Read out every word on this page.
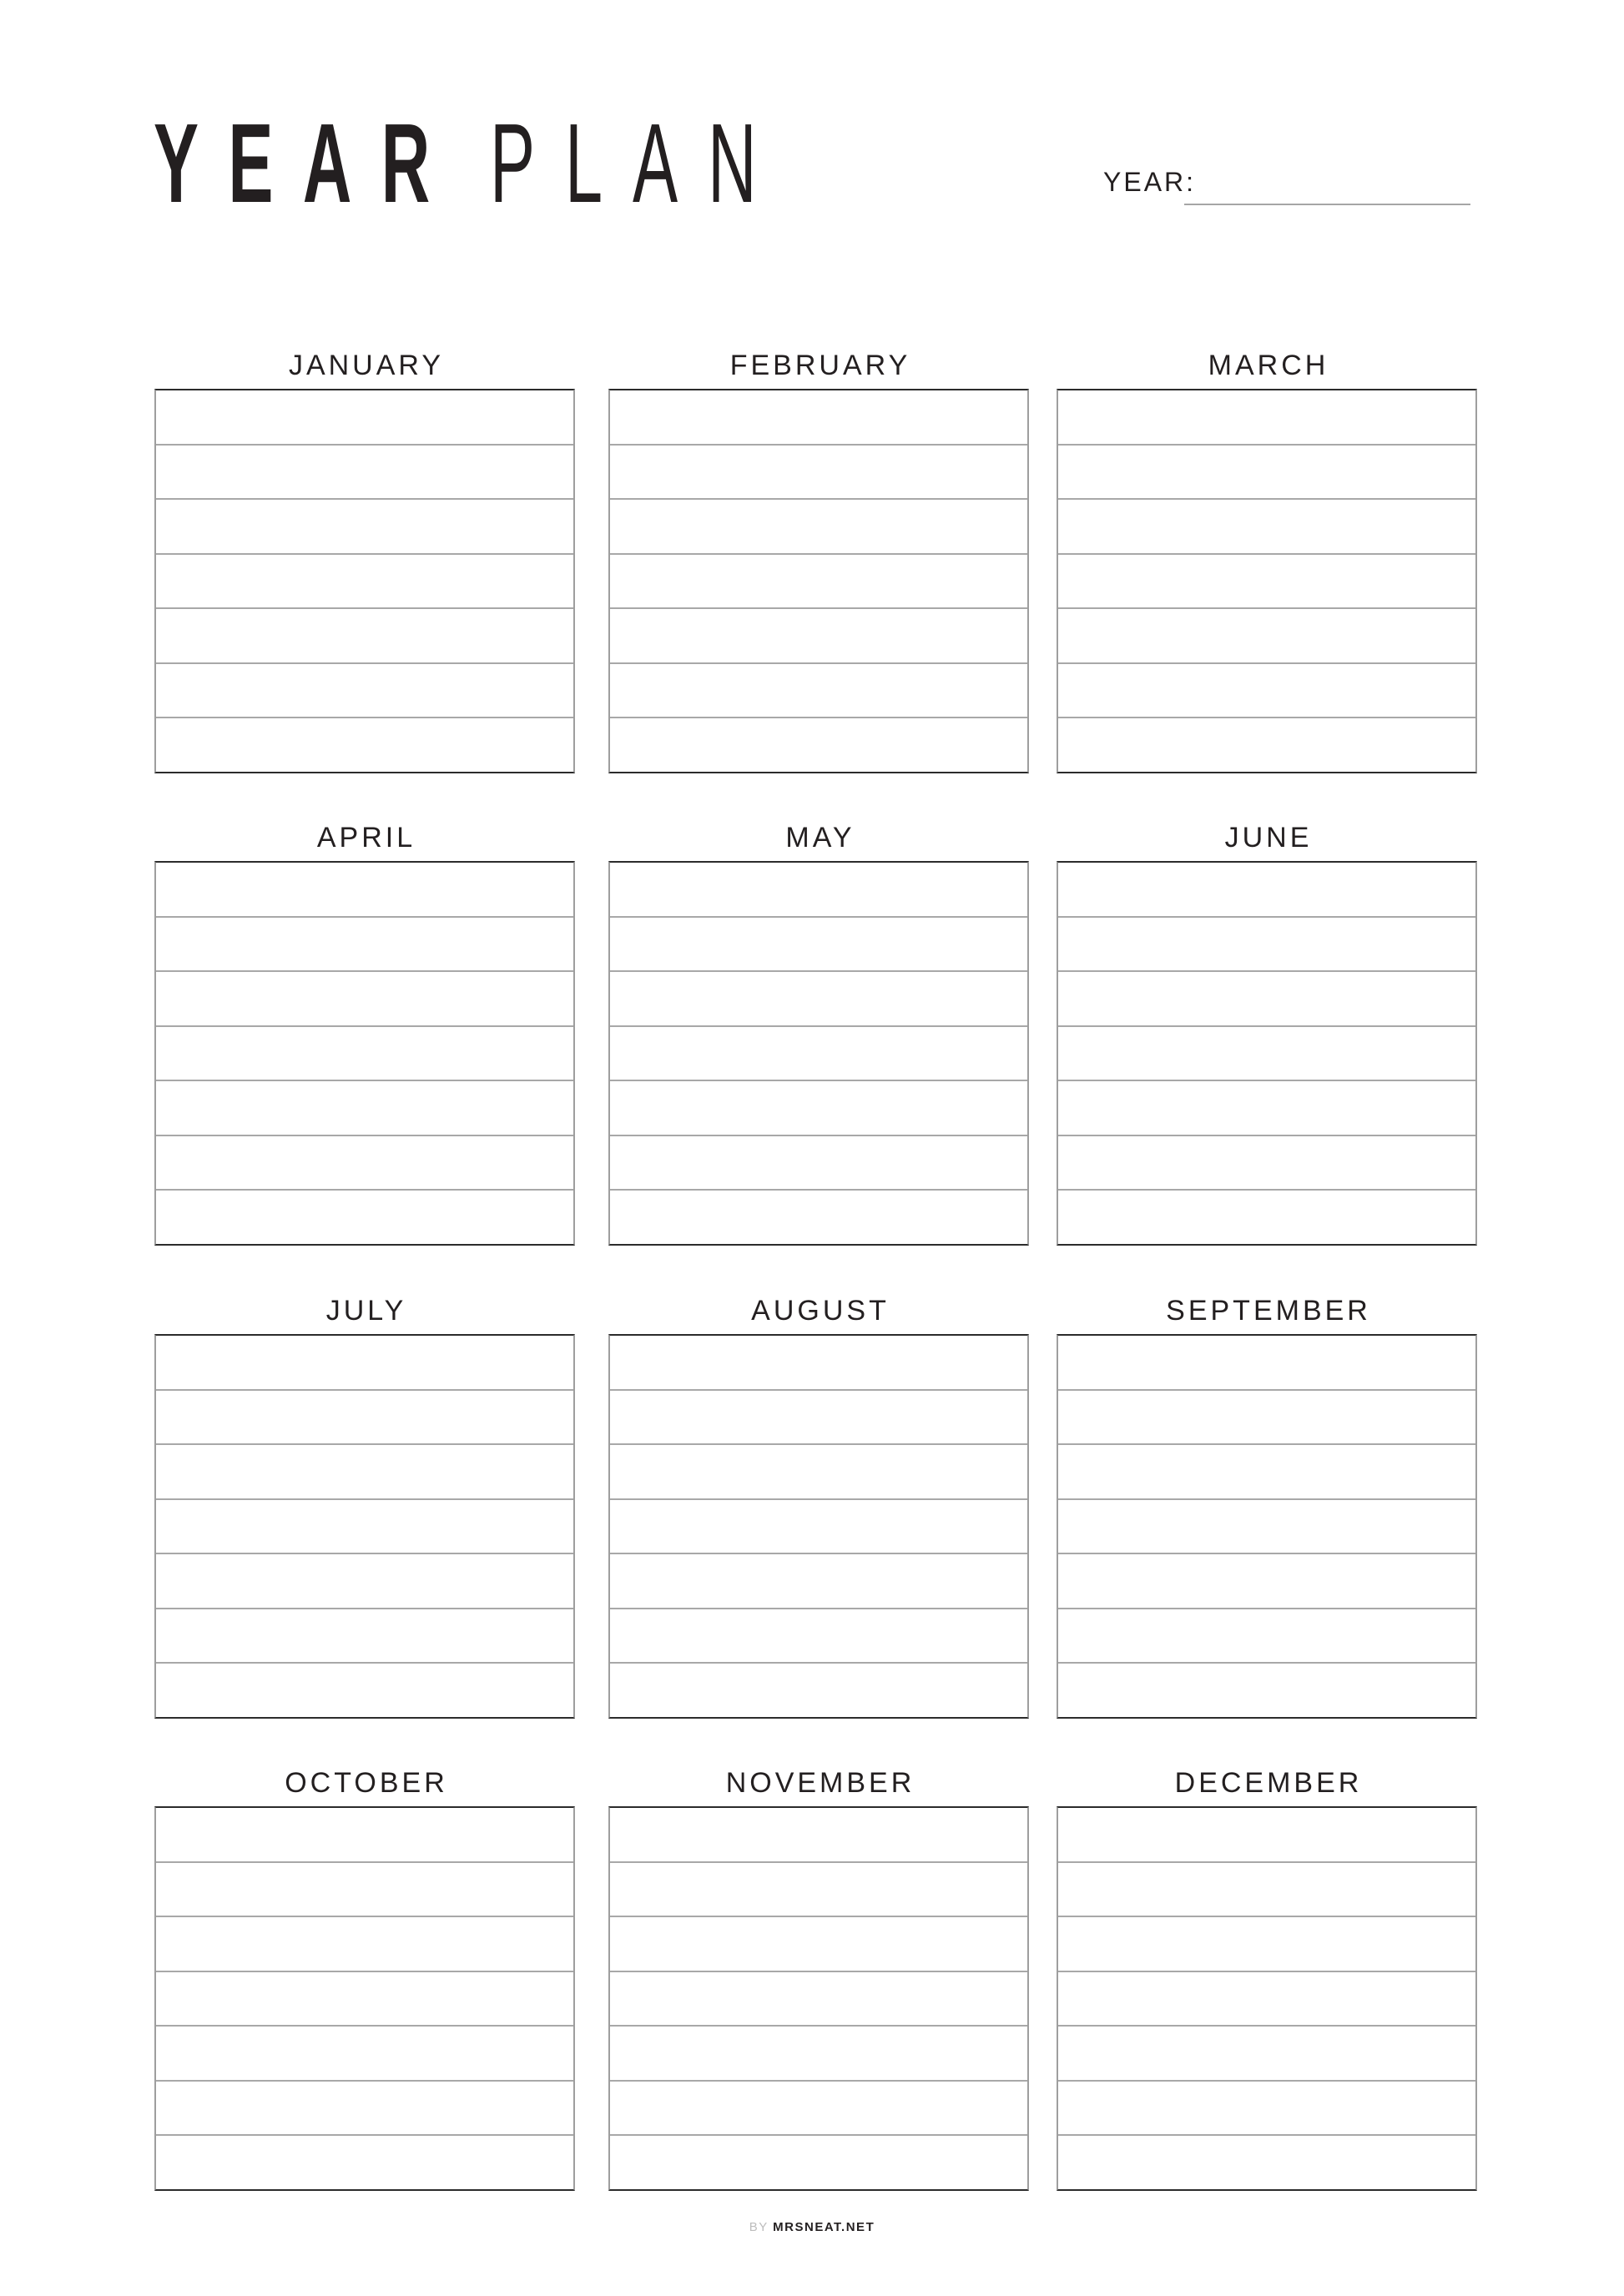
YEAR PLAN	YEAR:
JANUARY	FEBRUARY	MARCH
APRIL	MAY	JUNE
JULY	AUGUST	SEPTEMBER
OCTOBER	NOVEMBER	DECEMBER
BY MRSNEAT.NET
